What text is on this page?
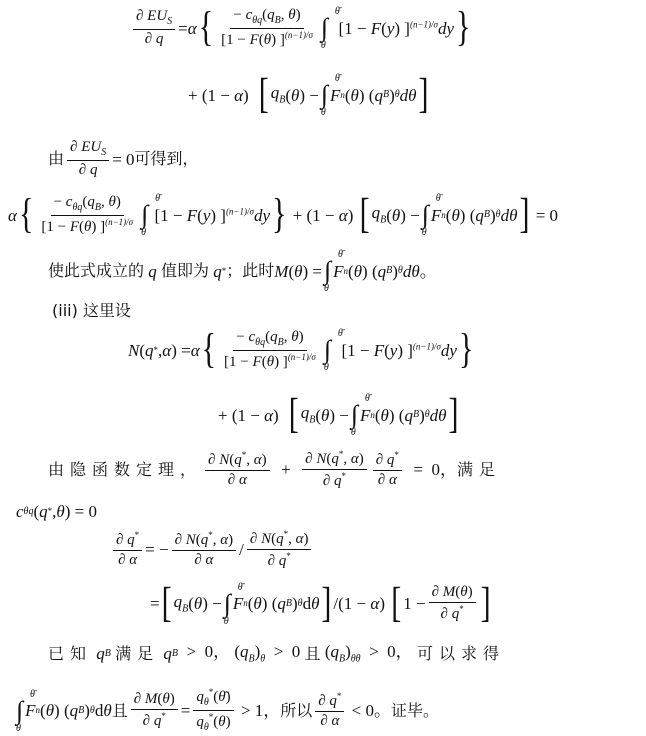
$\frac{\partial EU_S}{\partial q} = \alpha$ { $\frac{- c_{\theta q}(q_B, \theta)}{[1 - F(\theta) ]^{(n-1)/\sigma}}$ ∫
θ̄
θ
[1 − F(y) ]$^{(n-1)/\sigma}$dy }
+ (1 − α) [ $q_B$ ( θ ) − ∫
θ̄
θ
F n ( θ ) ( q B ) θ dθ ]
由 $\frac{\partial EU_S}{\partial q} = 0$ 可得到，
α { $\frac{- c_{\theta q}(q_B, \theta)}{[1 - F(\theta) ]^{(n-1)/\sigma}}$ ∫
θ̄
θ
[1 − F(y) ]$^{(n-1)/\sigma}$dy } + (1 − α) [ $q_B$ ( θ ) − ∫
θ̄
θ
F n ( θ ) ( q B ) θ dθ ] = 0
使此式成立的 q 值即为 q * ；此时 M ( θ ) = ∫
θ̄
θ
F n ( θ ) ( q B ) θ dθ 。
(iii) 这里设
N ( q * , α ) = α { $\frac{- c_{\theta q}(q_B, \theta)}{[1 - F(\theta) ]^{(n-1)/\sigma}}$ ∫
θ̄
θ
[1 − F(y) ]$^{(n-1)/\sigma}$dy }
+ (1 − α) [ $q_B$ ( θ ) − ∫
θ̄
θ
F n ( θ ) ( q B ) θ dθ ]
由隐函数定理， $\frac{\partial N(q^*, \alpha)}{\partial \alpha} + \frac{\partial N(q^*, \alpha)}{\partial q^*} \frac{\partial q^*}{\partial \alpha} = 0$， 满足
c θq ( q * , θ ) = 0
$\frac{\partial q^*}{\partial \alpha}$ = − $\frac{\partial N(q^*, \alpha)}{\partial \alpha} / \frac{\partial N(q^*, \alpha)}{\partial q^*}$
= [ $q_B$ ( θ ) − ∫
θ̄
θ
F n ( θ ) ( q B ) θ d θ ] /(1 − α) [ $1 - \frac{\partial M(\theta)}{\partial q^*}$ ]
已知 q B
满足 q B >  0， $(q_B)_\theta > 0$ 且 $(q_B)_{\theta\theta} > 0$， 可以求得
∫
θ̄
θ
F n ( θ ) ( q B ) θ d θ 且 $\frac{\partial M(\theta)}{\partial q^*} = \frac{q_\theta^*(\thetā)}{q_\theta^*(\theta)} > 1$， 所以 $\frac{\partial q^*}{\partial \alpha} < 0$。 证毕。
